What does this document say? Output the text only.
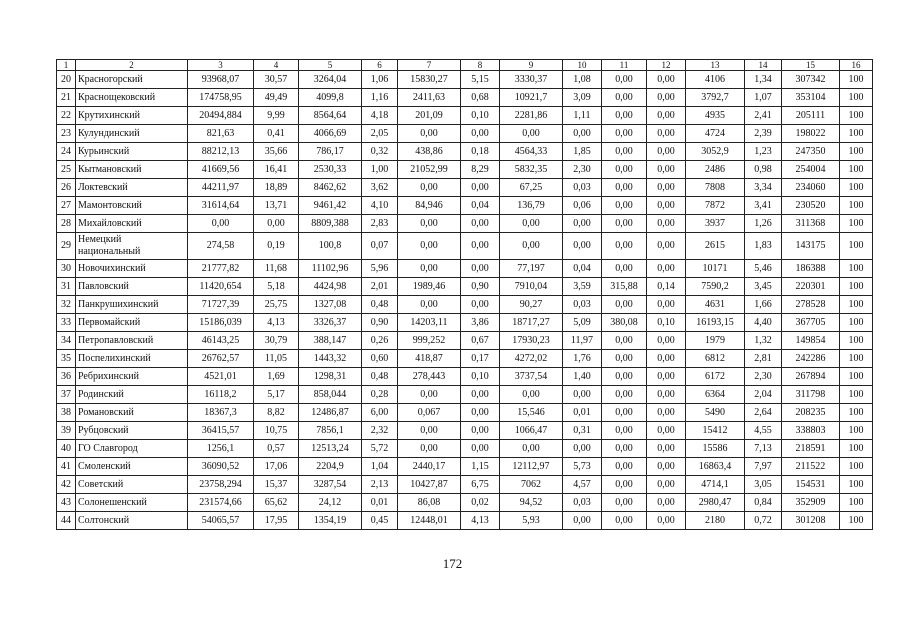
1	2	3	4	5	6	7	8	9	10	11	12	13	14	15	16
20	Красногорский	93968,07	30,57	3264,04	1,06	15830,27	5,15	3330,37	1,08	0,00	0,00	4106	1,34	307342	100
21	Краснощековский	174758,95	49,49	4099,8	1,16	2411,63	0,68	10921,7	3,09	0,00	0,00	3792,7	1,07	353104	100
22	Крутихинский	20494,884	9,99	8564,64	4,18	201,09	0,10	2281,86	1,11	0,00	0,00	4935	2,41	205111	100
23	Кулундинский	821,63	0,41	4066,69	2,05	0,00	0,00	0,00	0,00	0,00	0,00	4724	2,39	198022	100
24	Курьинский	88212,13	35,66	786,17	0,32	438,86	0,18	4564,33	1,85	0,00	0,00	3052,9	1,23	247350	100
25	Кытмановский	41669,56	16,41	2530,33	1,00	21052,99	8,29	5832,35	2,30	0,00	0,00	2486	0,98	254004	100
26	Локтевский	44211,97	18,89	8462,62	3,62	0,00	0,00	67,25	0,03	0,00	0,00	7808	3,34	234060	100
27	Мамонтовский	31614,64	13,71	9461,42	4,10	84,946	0,04	136,79	0,06	0,00	0,00	7872	3,41	230520	100
28	Михайловский	0,00	0,00	8809,388	2,83	0,00	0,00	0,00	0,00	0,00	0,00	3937	1,26	311368	100
29	Немецкий национальный	274,58	0,19	100,8	0,07	0,00	0,00	0,00	0,00	0,00	0,00	2615	1,83	143175	100
30	Новочихинский	21777,82	11,68	11102,96	5,96	0,00	0,00	77,197	0,04	0,00	0,00	10171	5,46	186388	100
31	Павловский	11420,654	5,18	4424,98	2,01	1989,46	0,90	7910,04	3,59	315,88	0,14	7590,2	3,45	220301	100
32	Панкрушихинский	71727,39	25,75	1327,08	0,48	0,00	0,00	90,27	0,03	0,00	0,00	4631	1,66	278528	100
33	Первомайский	15186,039	4,13	3326,37	0,90	14203,11	3,86	18717,27	5,09	380,08	0,10	16193,15	4,40	367705	100
34	Петропавловский	46143,25	30,79	388,147	0,26	999,252	0,67	17930,23	11,97	0,00	0,00	1979	1,32	149854	100
35	Поспелихинский	26762,57	11,05	1443,32	0,60	418,87	0,17	4272,02	1,76	0,00	0,00	6812	2,81	242286	100
36	Ребрихинский	4521,01	1,69	1298,31	0,48	278,443	0,10	3737,54	1,40	0,00	0,00	6172	2,30	267894	100
37	Родинский	16118,2	5,17	858,044	0,28	0,00	0,00	0,00	0,00	0,00	0,00	6364	2,04	311798	100
38	Романовский	18367,3	8,82	12486,87	6,00	0,067	0,00	15,546	0,01	0,00	0,00	5490	2,64	208235	100
39	Рубцовский	36415,57	10,75	7856,1	2,32	0,00	0,00	1066,47	0,31	0,00	0,00	15412	4,55	338803	100
40	ГО Славгород	1256,1	0,57	12513,24	5,72	0,00	0,00	0,00	0,00	0,00	0,00	15586	7,13	218591	100
41	Смоленский	36090,52	17,06	2204,9	1,04	2440,17	1,15	12112,97	5,73	0,00	0,00	16863,4	7,97	211522	100
42	Советский	23758,294	15,37	3287,54	2,13	10427,87	6,75	7062	4,57	0,00	0,00	4714,1	3,05	154531	100
43	Солонешенский	231574,66	65,62	24,12	0,01	86,08	0,02	94,52	0,03	0,00	0,00	2980,47	0,84	352909	100
44	Солтонский	54065,57	17,95	1354,19	0,45	12448,01	4,13	5,93	0,00	0,00	0,00	2180	0,72	301208	100
172
